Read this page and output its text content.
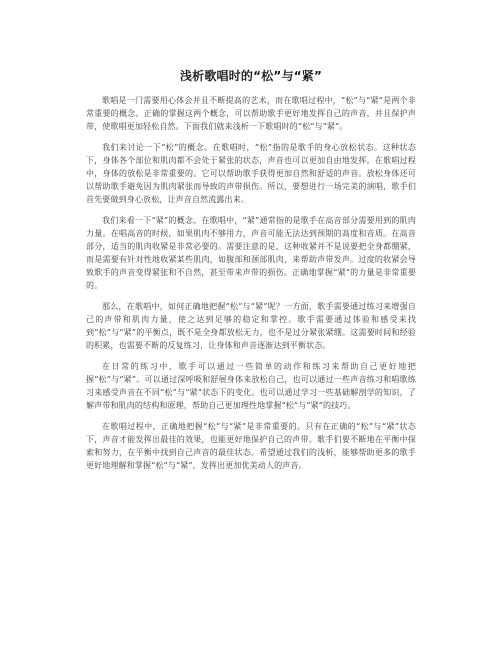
浅析歌唱时的“松”与“紧”

歌唱是一门需要用心体会并且不断提高的艺术，而在歌唱过程中，“松”与“紧”是两个非常重要的概念。正确的掌握这两个概念，可以帮助歌手更好地发挥自己的声音，并且保护声带，使歌唱更加轻松自然。下面我们就来浅析一下歌唱时的“松”与“紧”。

我们来讨论一下“松”的概念。在歌唱时，“松”指的是歌手的身心放松状态。这种状态下，身体各个部位和肌肉都不会处于紧张的状态，声音也可以更加自由地发挥。在歌唱过程中，身体的放松是非常重要的。它可以帮助歌手获得更加自然和舒适的声音。放松身体还可以帮助歌手避免因为肌肉紧张而导致的声带损伤。所以，要想进行一场完美的演唱，歌手们首先要做到身心放松，让声音自然流露出来。

我们来看一下“紧”的概念。在歌唱中，“紧”通常指的是歌手在高音部分需要用到的肌肉力量。在唱高音的时候，如果肌肉不够用力，声音可能无法达到预期的高度和音质。在高音部分，适当的肌肉收紧是非常必要的。需要注意的是，这种收紧并不是说要把全身都绷紧，而是需要有针对性地收紧某些肌肉，如腹部和颈部肌肉，来帮助声带发声。过度的收紧会导致歌手的声音变得紧张和不自然，甚至带来声带的损伤。正确地掌握“紧”的力量是非常重要的。

那么，在歌唱中，如何正确地把握“松”与“紧”呢？一方面，歌手需要通过练习来增强自己的声带和肌肉力量，使之达到足够的稳定和掌控。歌手需要通过体验和感受来找到“松”与“紧”的平衡点，既不是全身都放松无力，也不是过分紧张紧绷。这需要时间和经验的积累，也需要不断的反复练习，让身体和声音逐渐达到平衡状态。

在日常的练习中，歌手可以通过一些简单的动作和练习来帮助自己更好地把握“松”与“紧”。可以通过深呼吸和舒展身体来放松自己，也可以通过一些声音练习和唱歌练习来感受声音在不同“松”与“紧”状态下的变化。也可以通过学习一些基础解剖学的知识，了解声带和肌肉的结构和原理，帮助自己更加理性地掌握“松”与“紧”的技巧。

在歌唱过程中，正确地把握“松”与“紧”是非常重要的。只有在正确的“松”与“紧”状态下，声音才能发挥出最佳的效果，也能更好地保护自己的声带。歌手们要不断地在平衡中探索和努力，在平衡中找到自己声音的最佳状态。希望通过我们的浅析，能够帮助更多的歌手更好地理解和掌握“松”与“紧”，发挥出更加优美动人的声音。
